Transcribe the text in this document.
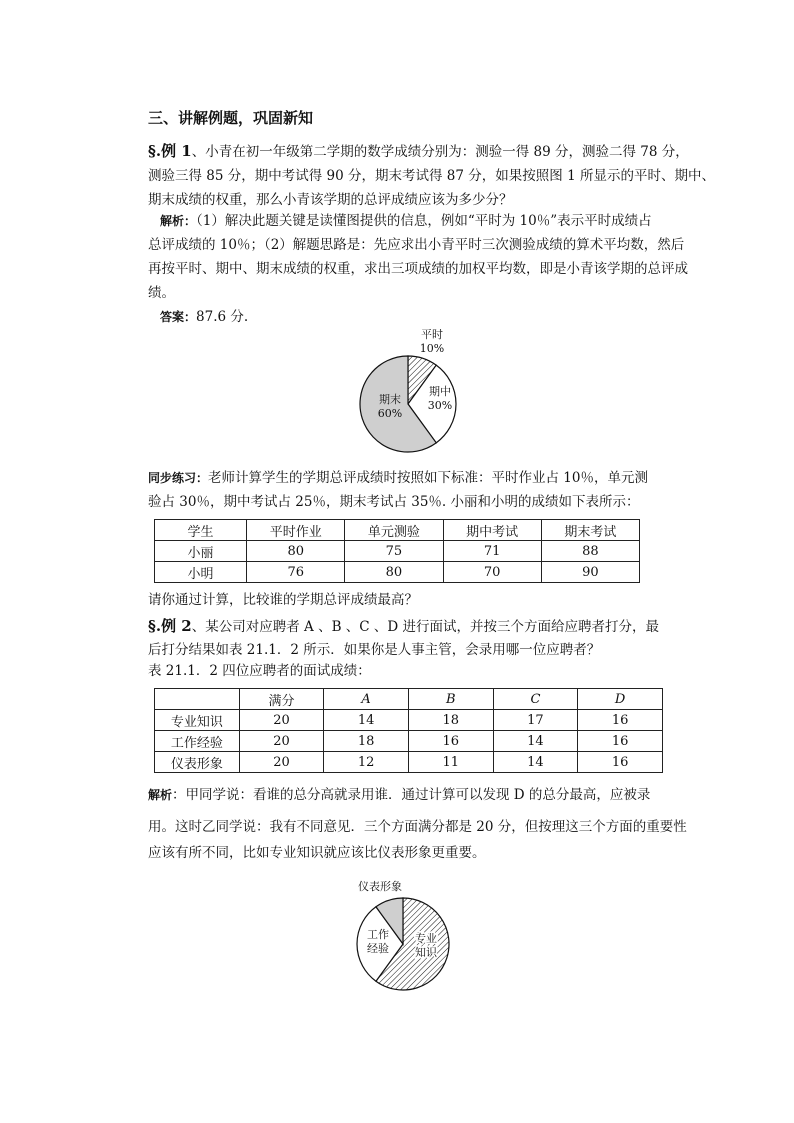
三、讲解例题，巩固新知
§.例 1、小青在初一年级第二学期的数学成绩分别为：测验一得 89 分，测验二得 78 分，
测验三得 85 分，期中考试得 90 分，期末考试得 87 分，如果按照图 1 所显示的平时、期中、
期末成绩的权重，那么小青该学期的总评成绩应该为多少分？
解析：（1）解决此题关键是读懂图提供的信息，例如“平时为 10％”表示平时成绩占
总评成绩的 10％；（2）解题思路是：先应求出小青平时三次测验成绩的算术平均数，然后
再按平时、期中、期末成绩的权重，求出三项成绩的加权平均数，即是小青该学期的总评成
绩。
答案：87.6 分.
平时
10%
期中
30%
期末
60%
同步练习：老师计算学生的学期总评成绩时按照如下标准：平时作业占 10％，单元测
验占 30％，期中考试占 25％，期末考试占 35％. 小丽和小明的成绩如下表所示：
学生	平时作业	单元测验	期中考试	期末考试
小丽	80	75	71	88
小明	76	80	70	90
请你通过计算，比较谁的学期总评成绩最高？
§.例 2、某公司对应聘者 A 、B 、C 、D 进行面试，并按三个方面给应聘者打分，最
后打分结果如表 21.1．2 所示．如果你是人事主管，会录用哪一位应聘者？
表 21.1．2 四位应聘者的面试成绩：
	满分	A	B	C	D
专业知识	20	14	18	17	16
工作经验	20	18	16	14	16
仪表形象	20	12	11	14	16
解析：甲同学说：看谁的总分高就录用谁．通过计算可以发现 D 的总分最高，应被录
用。这时乙同学说：我有不同意见．三个方面满分都是 20 分，但按理这三个方面的重要性
应该有所不同，比如专业知识就应该比仪表形象更重要。
仪表形象
工作
经验
专业
知识
